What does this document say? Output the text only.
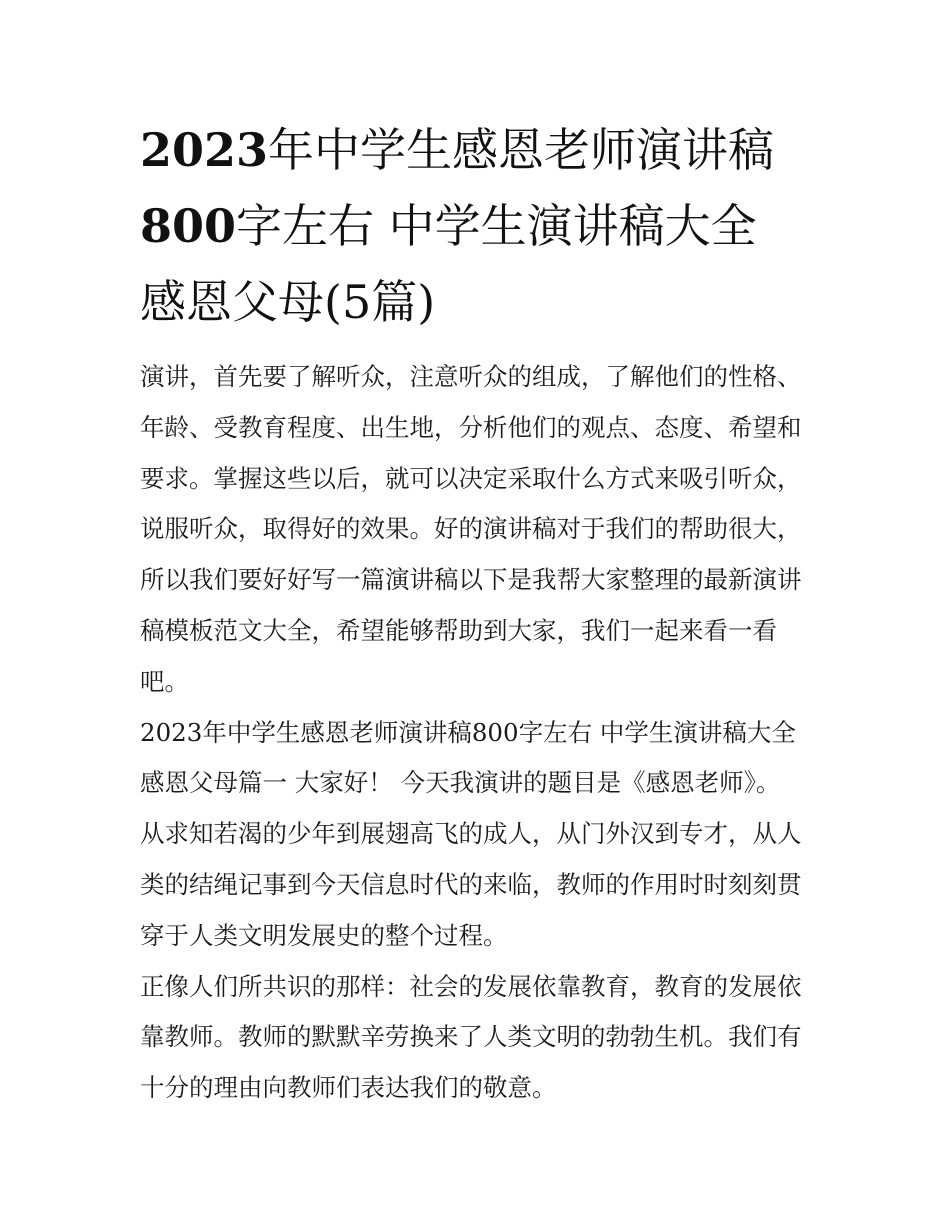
2023年中学生感恩老师演讲稿
800字左右 中学生演讲稿大全
感恩父母(5篇)
演讲，首先要了解听众，注意听众的组成，了解他们的性格、
年龄、受教育程度、出生地，分析他们的观点、态度、希望和
要求。掌握这些以后，就可以决定采取什么方式来吸引听众，
说服听众，取得好的效果。好的演讲稿对于我们的帮助很大，
所以我们要好好写一篇演讲稿以下是我帮大家整理的最新演讲
稿模板范文大全，希望能够帮助到大家，我们一起来看一看
吧。
2023年中学生感恩老师演讲稿800字左右 中学生演讲稿大全
感恩父母篇一 大家好！ 今天我演讲的题目是《感恩老师》。
从求知若渴的少年到展翅高飞的成人，从门外汉到专才，从人
类的结绳记事到今天信息时代的来临，教师的作用时时刻刻贯
穿于人类文明发展史的整个过程。
正像人们所共识的那样：社会的发展依靠教育，教育的发展依
靠教师。教师的默默辛劳换来了人类文明的勃勃生机。我们有
十分的理由向教师们表达我们的敬意。
